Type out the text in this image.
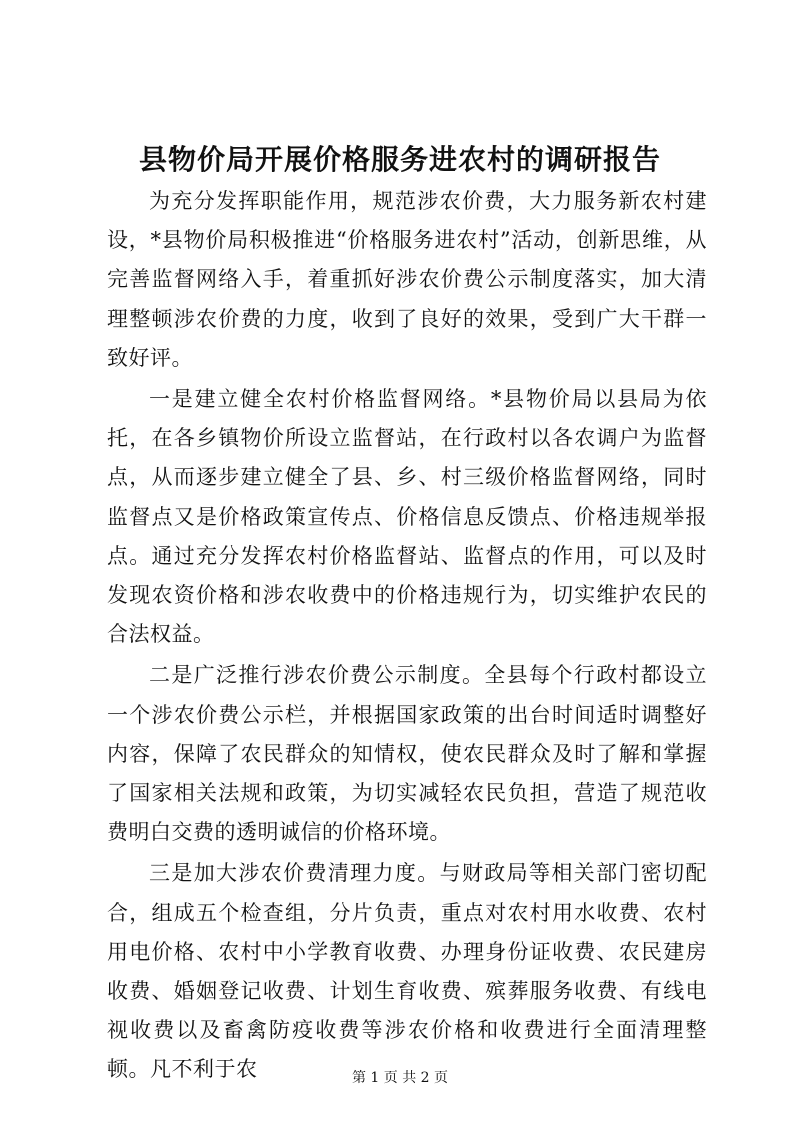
县物价局开展价格服务进农村的调研报告

为充分发挥职能作用，规范涉农价费，大力服务新农村建设，*县物价局积极推进“价格服务进农村”活动，创新思维，从完善监督网络入手，着重抓好涉农价费公示制度落实，加大清理整顿涉农价费的力度，收到了良好的效果，受到广大干群一致好评。

一是建立健全农村价格监督网络。*县物价局以县局为依托，在各乡镇物价所设立监督站，在行政村以各农调户为监督点，从而逐步建立健全了县、乡、村三级价格监督网络，同时监督点又是价格政策宣传点、价格信息反馈点、价格违规举报点。通过充分发挥农村价格监督站、监督点的作用，可以及时发现农资价格和涉农收费中的价格违规行为，切实维护农民的合法权益。

二是广泛推行涉农价费公示制度。全县每个行政村都设立一个涉农价费公示栏，并根据国家政策的出台时间适时调整好内容，保障了农民群众的知情权，使农民群众及时了解和掌握了国家相关法规和政策，为切实减轻农民负担，营造了规范收费明白交费的透明诚信的价格环境。

三是加大涉农价费清理力度。与财政局等相关部门密切配合，组成五个检查组，分片负责，重点对农村用水收费、农村用电价格、农村中小学教育收费、办理身份证收费、农民建房收费、婚姻登记收费、计划生育收费、殡葬服务收费、有线电视收费以及畜禽防疫收费等涉农价格和收费进行全面清理整顿。凡不利于农	第 1 页 共 2 页
